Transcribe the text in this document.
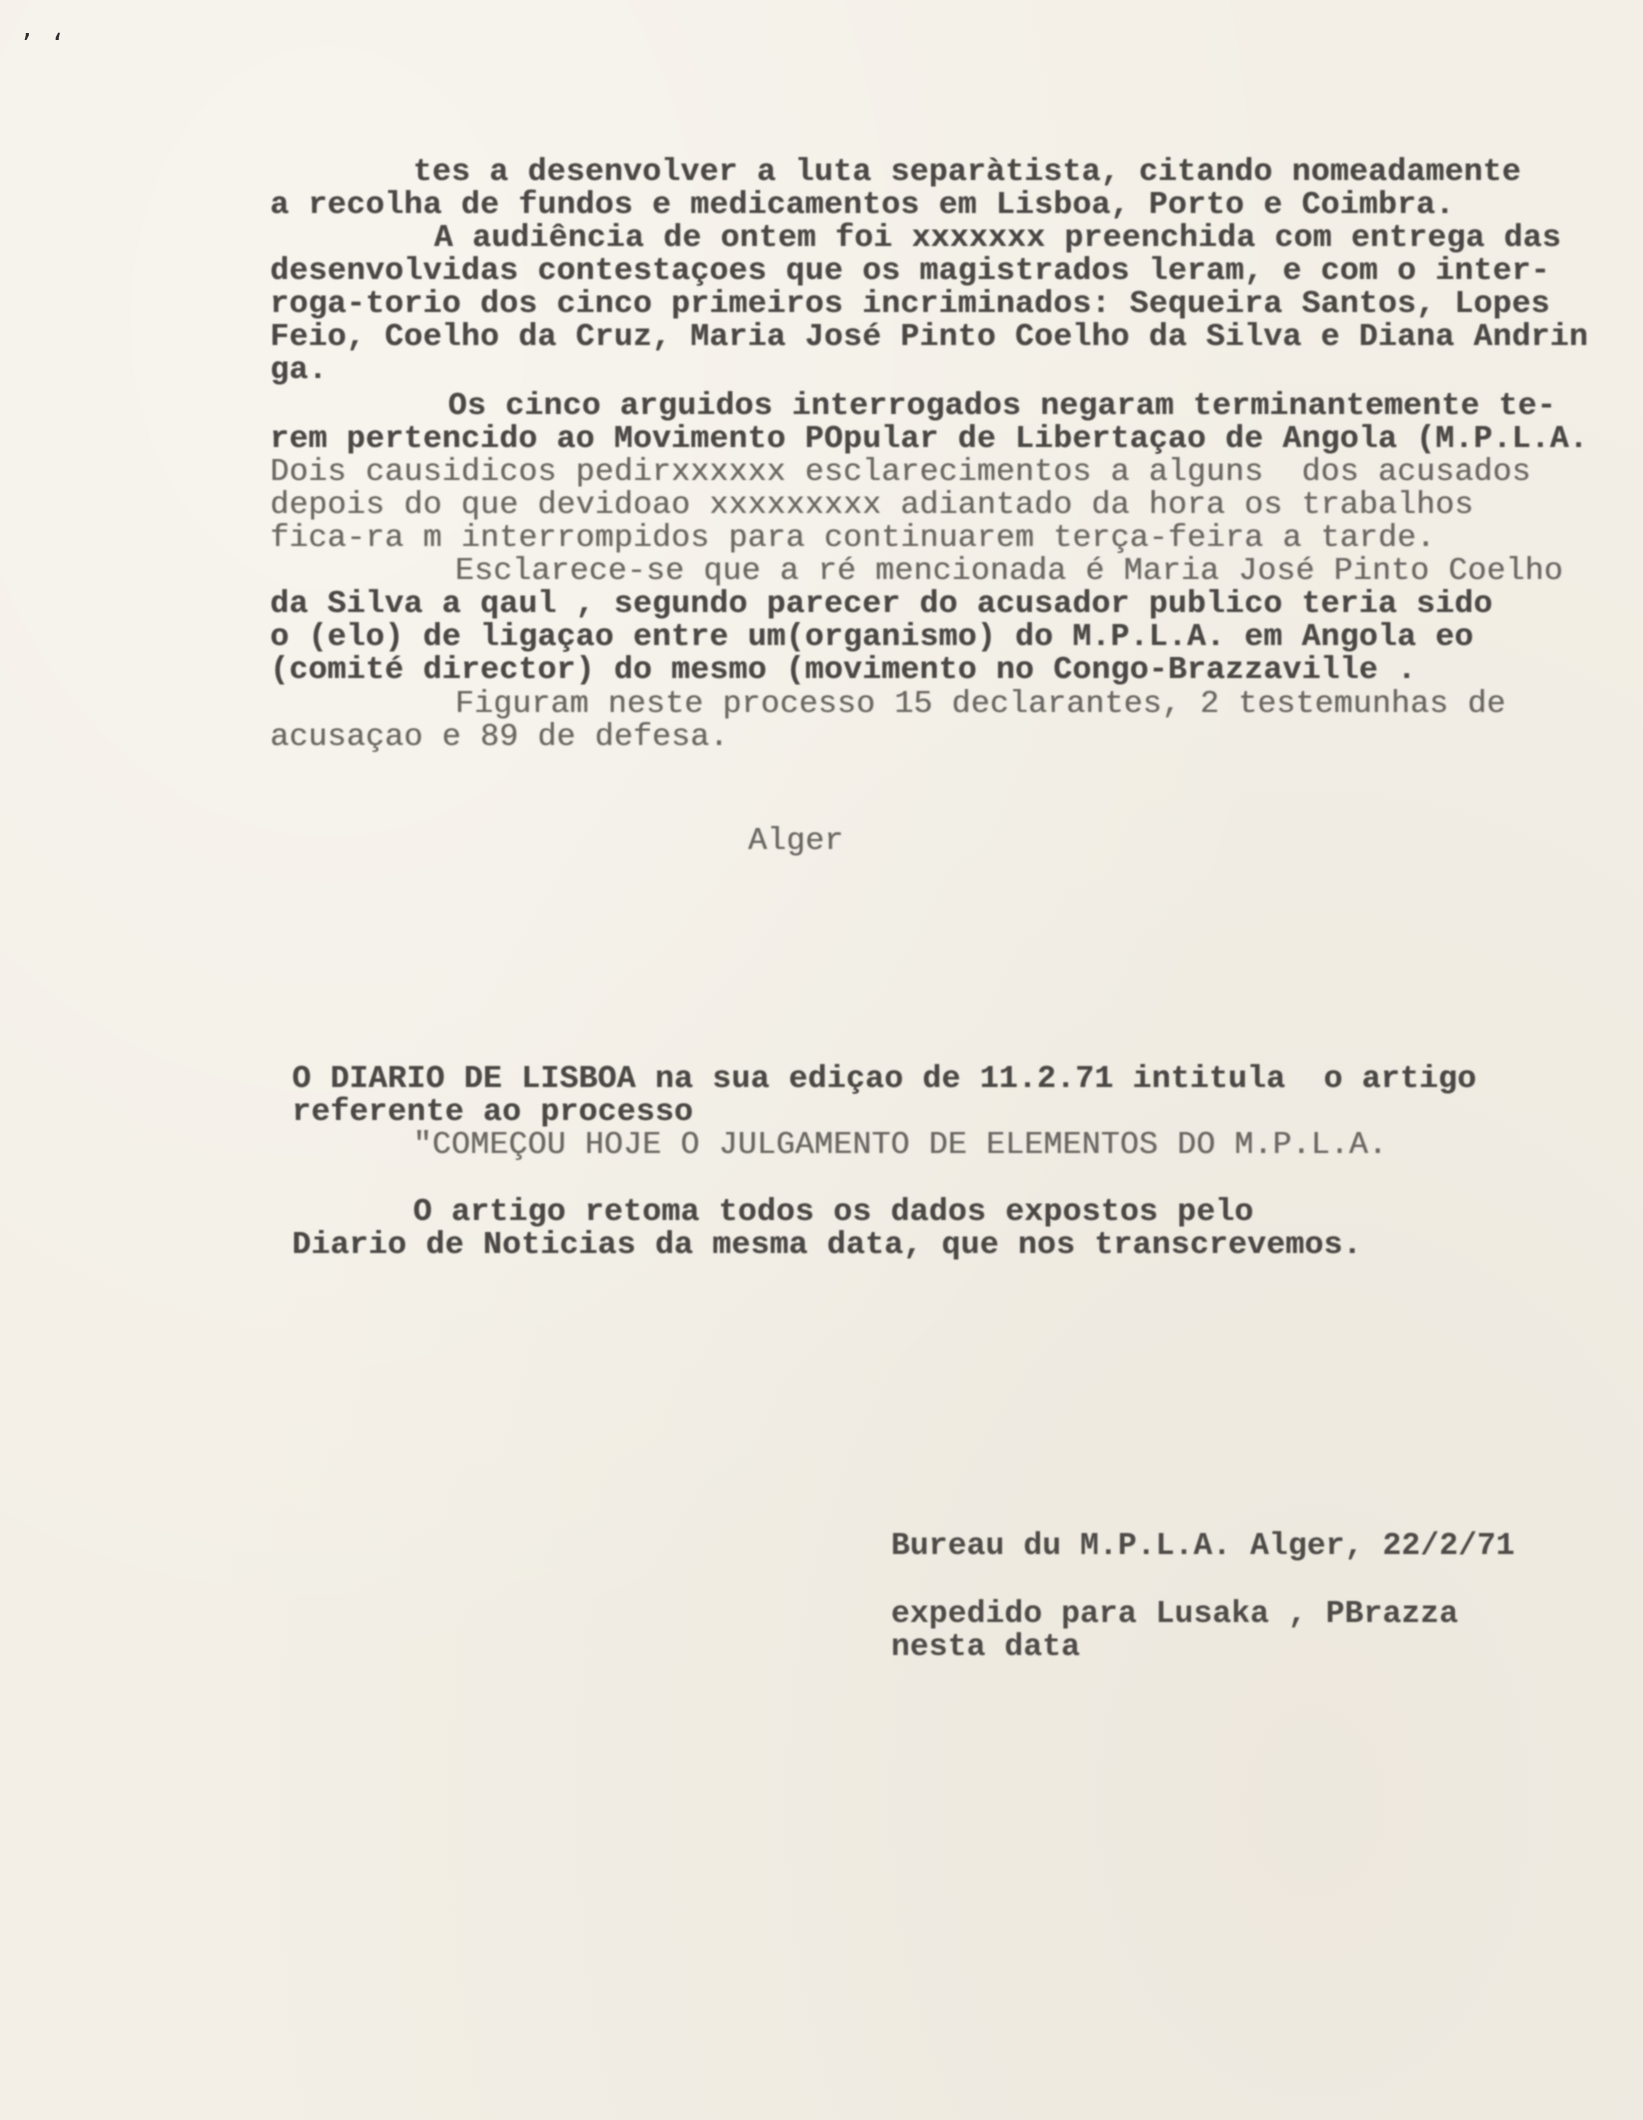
’ ‘
tes a desenvolver a luta separàtista, citando nomeadamente
a recolha de fundos e medicamentos em Lisboa, Porto e Coimbra.
A audiência de ontem foi xxxxxxx preenchida com entrega das
desenvolvidas contestaçoes que os magistrados leram, e com o inter-
roga-torio dos cinco primeiros incriminados: Sequeira Santos, Lopes
Feio, Coelho da Cruz, Maria José Pinto Coelho da Silva e Diana Andrin
ga.
Os cinco arguidos interrogados negaram terminantemente te-
rem pertencido ao Movimento POpular de Libertaçao de Angola (M.P.L.A.
Dois causidicos pedirxxxxxx esclarecimentos a alguns  dos acusados
depois do que devidoao xxxxxxxxx adiantado da hora os trabalhos
fica-ra m interrompidos para continuarem terça-feira a tarde.
Esclarece-se que a ré mencionada é Maria José Pinto Coelho
da Silva a qaul , segundo parecer do acusador publico teria sido
o (elo) de ligaçao entre um(organismo) do M.P.L.A. em Angola eo
(comité director) do mesmo (movimento no Congo-Brazzaville .
Figuram neste processo 15 declarantes, 2 testemunhas de
acusaçao e 89 de defesa.
Alger
O DIARIO DE LISBOA na sua ediçao de 11.2.71 intitula  o artigo
referente ao processo
"COMEÇOU HOJE O JULGAMENTO DE ELEMENTOS DO M.P.L.A.
O artigo retoma todos os dados expostos pelo
Diario de Noticias da mesma data, que nos transcrevemos.
Bureau du M.P.L.A. Alger, 22/2/71
expedido para Lusaka , PBrazza
nesta data
